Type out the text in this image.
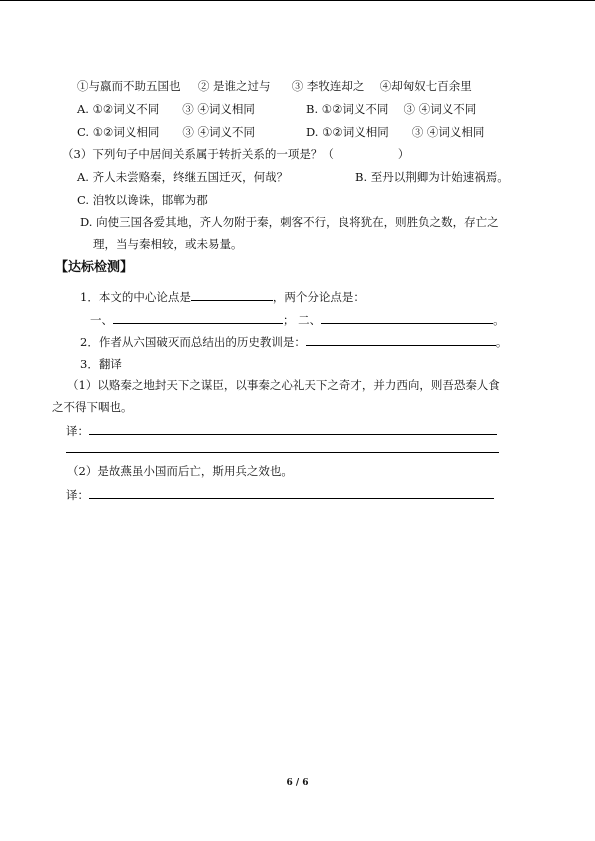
①与嬴而不助五国也 ② 是谁之过与 ③ 李牧连却之 ④却匈奴七百余里
A. ①②词义不同　　③ ④词义相同	B. ①②词义不同　 ③ ④词义不同
C. ①②词义相同　　③ ④词义不同	D. ①②词义相同　　③ ④词义相同
（3）下列句子中居间关系属于转折关系的一项是？（	）
A. 齐人未尝赂秦，终继五国迁灭，何哉？	B. 至丹以荆卿为计始速祸焉。
C. 洎牧以谗诛，邯郸为郡
D. 向使三国各爱其地，齐人勿附于秦，刺客不行，良将犹在，则胜负之数，存亡之
理，当与秦相较，或未易量。
【达标检测】
1．本文的中心论点是	，两个分论点是：
一、	； 二、	。
2．作者从六国破灭而总结出的历史教训是：	。
3．翻译
（1）以赂秦之地封天下之谋臣，以事秦之心礼天下之奇才，并力西向，则吾恐秦人食
之不得下咽也。
译：
（2）是故燕虽小国而后亡，斯用兵之效也。
译：
6 / 6
